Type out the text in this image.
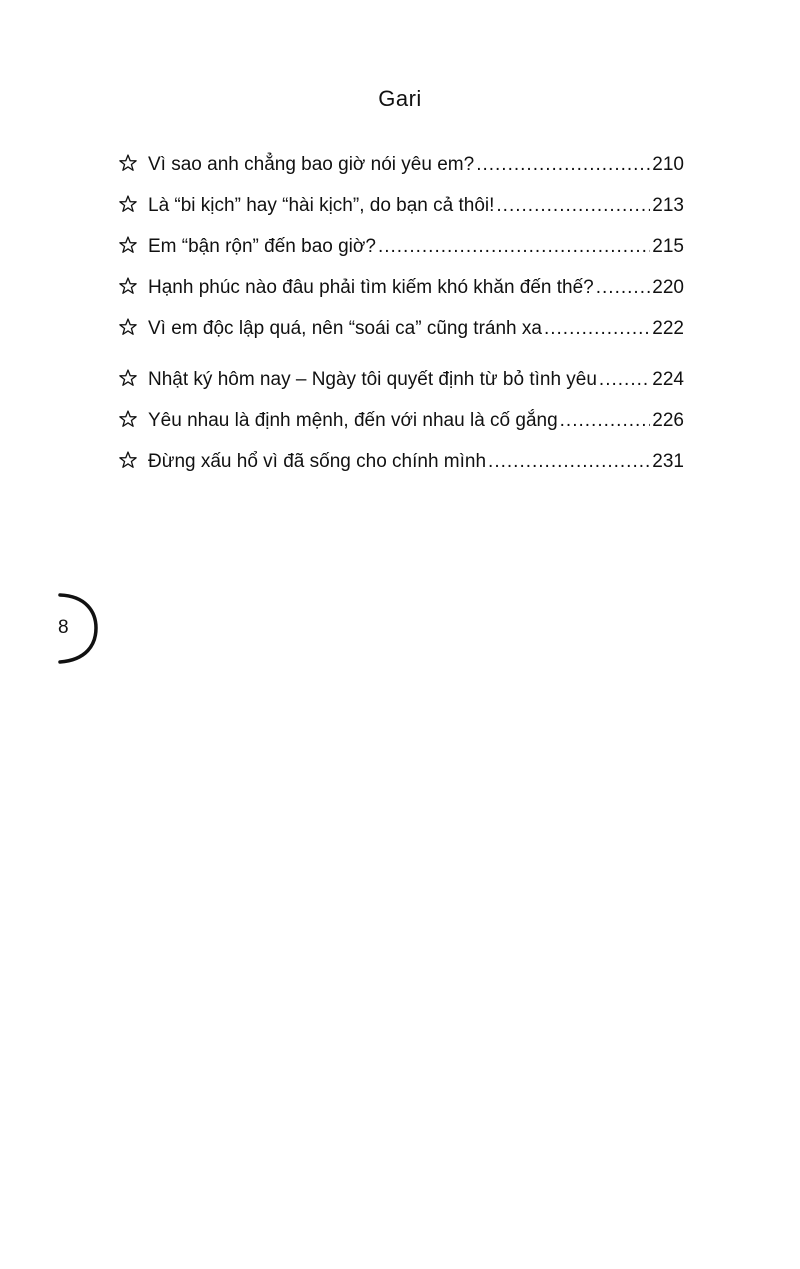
Gari
Vì sao anh chẳng bao giờ nói yêu em? .....	210
Là “bi kịch” hay “hài kịch”, do bạn cả thôi! .....	213
Em “bận rộn” đến bao giờ? .....	215
Hạnh phúc nào đâu phải tìm kiếm khó khăn đến thế? .....	220
Vì em độc lập quá, nên “soái ca” cũng tránh xa .....	222
Nhật ký hôm nay – Ngày tôi quyết định từ bỏ tình yêu .....	224
Yêu nhau là định mệnh, đến với nhau là cố gắng .....	226
Đừng xấu hổ vì đã sống cho chính mình .....	231
8
